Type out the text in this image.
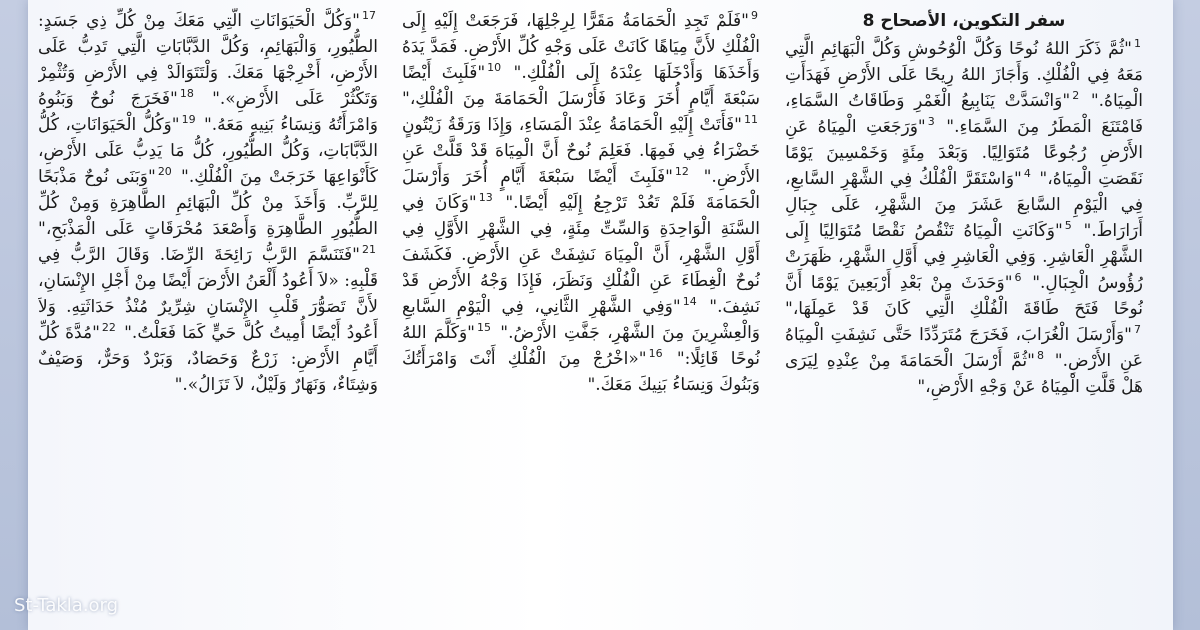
سفر التكوين، الأصحاح 8
$^1$"ثُمَّ ذَكَرَ اللهُ نُوحًا وَكُلَّ الْوُحُوشِ وَكُلَّ الْبَهَائِمِ الَّتِي مَعَهُ فِي الْفُلْكِ. وَأَجَازَ اللهُ رِيحًا عَلَى الأَرْضِ فَهَدَأَتِ الْمِيَاهُ." $^2$"وَانْسَدَّتْ يَنَابِيعُ الْغَمْرِ وَطَاقَاتُ السَّمَاءِ، فَامْتَنَعَ الْمَطَرُ مِنَ السَّمَاءِ." $^3$"وَرَجَعَتِ الْمِيَاهُ عَنِ الأَرْضِ رُجُوعًا مُتَوَالِيًا. وَبَعْدَ مِئَةٍ وَخَمْسِينَ يَوْمًا نَقَصَتِ الْمِيَاهُ،" $^4$"وَاسْتَقَرَّ الْفُلْكُ فِي الشَّهْرِ السَّابعِ، فِي الْيَوْمِ السَّابعَ عَشَرَ مِنَ الشَّهْرِ، عَلَى جِبَالِ أَرَارَاطَ." $^5$"وَكَانَتِ الْمِيَاهُ تَنْقُصُ نَقْصًا مُتَوَالِيًا إِلَى الشَّهْرِ الْعَاشِرِ. وَفِي الْعَاشِرِ فِي أَوَّلِ الشَّهْرِ، ظَهَرَتْ رُؤُوسُ الْجِبَالِ." $^6$"وَحَدَثَ مِنْ بَعْدِ أَرْبَعِينَ يَوْمًا أَنَّ نُوحًا فَتَحَ طَاقَةَ الْفُلْكِ الَّتِي كَانَ قَدْ عَمِلَهَا،" $^7$"وَأَرْسَلَ الْغُرَابَ، فَخَرَجَ مُتَرَدِّدًا حَتَّى نَشِفَتِ الْمِيَاهُ عَنِ الأَرْضِ." $^8$"ثُمَّ أَرْسَلَ الْحَمَامَةَ مِنْ عِنْدِهِ لِيَرَى هَلْ قَلَّتِ الْمِيَاهُ عَنْ وَجْهِ الأَرْضِ،"
$^9$"فَلَمْ تَجِدِ الْحَمَامَةُ مَقَرًّا لِرِجْلِهَا، فَرَجَعَتْ إِلَيْهِ إِلَى الْفُلْكِ لأَنَّ مِيَاهًا كَانَتْ عَلَى وَجْهِ كُلِّ الأَرْضِ. فَمَدَّ يَدَهُ وَأَخَذَهَا وَأَدْخَلَهَا عِنْدَهُ إِلَى الْفُلْكِ." $^{10}$"فَلَبِثَ أَيْضًا سَبْعَةَ أَيَّامٍ أُخَرَ وَعَادَ فَأَرْسَلَ الْحَمَامَةَ مِنَ الْفُلْكِ،" $^{11}$"فَأَتَتْ إِلَيْهِ الْحَمَامَةُ عِنْدَ الْمَسَاءِ، وَإِذَا وَرَقَةُ زَيْتُونٍ خَضْرَاءُ فِي فَمِهَا. فَعَلِمَ نُوحٌ أَنَّ الْمِيَاهَ قَدْ قَلَّتْ عَنِ الأَرْضِ." $^{12}$"فَلَبِثَ أَيْضًا سَبْعَةَ أَيَّامٍ أُخَرَ وَأَرْسَلَ الْحَمَامَةَ فَلَمْ تَعُدْ تَرْجِعُ إِلَيْهِ أَيْضًا." $^{13}$"وَكَانَ فِي السَّنَةِ الْوَاحِدَةِ وَالسِّتِّ مِئَةٍ، فِي الشَّهْرِ الأَوَّلِ فِي أَوَّلِ الشَّهْرِ، أَنَّ الْمِيَاهَ نَشِفَتْ عَنِ الأَرْضِ. فَكَشَفَ نُوحٌ الْغِطَاءَ عَنِ الْفُلْكِ وَنَظَرَ، فَإِذَا وَجْهُ الأَرْضِ قَدْ نَشِفَ." $^{14}$"وَفِي الشَّهْرِ الثَّانِي، فِي الْيَوْمِ السَّابعِ وَالْعِشْرِينَ مِنَ الشَّهْرِ، جَفَّتِ الأَرْضُ." $^{15}$"وَكَلَّمَ اللهُ نُوحًا قَائِلًا:" $^{16}$"«اخْرُجْ مِنَ الْفُلْكِ أَنْتَ وَامْرَأَتُكَ وَبَنُوكَ وَنِسَاءُ بَنِيكَ مَعَكَ."
$^{17}$"وَكُلَّ الْحَيَوَانَاتِ الَّتِي مَعَكَ مِنْ كُلِّ ذِي جَسَدٍ: الطُّيُورِ، وَالْبَهَائِمِ، وَكُلَّ الدَّبَّابَاتِ الَّتِي تَدِبُّ عَلَى الأَرْضِ، أَخْرِجْهَا مَعَكَ. وَلْتَتَوَالَدْ فِي الأَرْضِ وَتُثْمِرْ وَتَكْثُرْ عَلَى الأَرْضِ»." $^{18}$"فَخَرَجَ نُوحٌ وَبَنُوهُ وَامْرَأَتُهُ وَنِسَاءُ بَنِيهِ مَعَهُ." $^{19}$"وَكُلُّ الْحَيَوَانَاتِ، كُلُّ الدَّبَّابَاتِ، وَكُلُّ الطُّيُورِ، كُلُّ مَا يَدِبُّ عَلَى الأَرْضِ، كَأَنْوَاعِهَا خَرَجَتْ مِنَ الْفُلْكِ." $^{20}$"وَبَنَى نُوحٌ مَذْبَحًا لِلرَّبِّ. وَأَخَذَ مِنْ كُلِّ الْبَهَائِمِ الطَّاهِرَةِ وَمِنْ كُلِّ الطُّيُورِ الطَّاهِرَةِ وَأَصْعَدَ مُحْرَقَاتٍ عَلَى الْمَذْبَحِ،" $^{21}$"فَتَنَسَّمَ الرَّبُّ رَائِحَةَ الرِّضَا. وَقَالَ الرَّبُّ فِي قَلْبِهِ: «لاَ أَعُودُ أَلْعَنُ الأَرْضَ أَيْضًا مِنْ أَجْلِ الإِنْسَانِ، لأَنَّ تَصَوُّرَ قَلْبِ الإِنْسَانِ شِرِّيرٌ مُنْذُ حَدَاثَتِهِ. وَلاَ أَعُودُ أَيْضًا أُمِيتُ كُلَّ حَيٍّ كَمَا فَعَلْتُ." $^{22}$"مُدَّةَ كُلِّ أَيَّامِ الأَرْضِ: زَرْعٌ وَحَصَادٌ، وَبَرْدٌ وَحَرٌّ، وَصَيْفٌ وَشِتَاءٌ، وَنَهَارٌ وَلَيْلٌ، لاَ تَزَالُ»."
St-Takla.org
